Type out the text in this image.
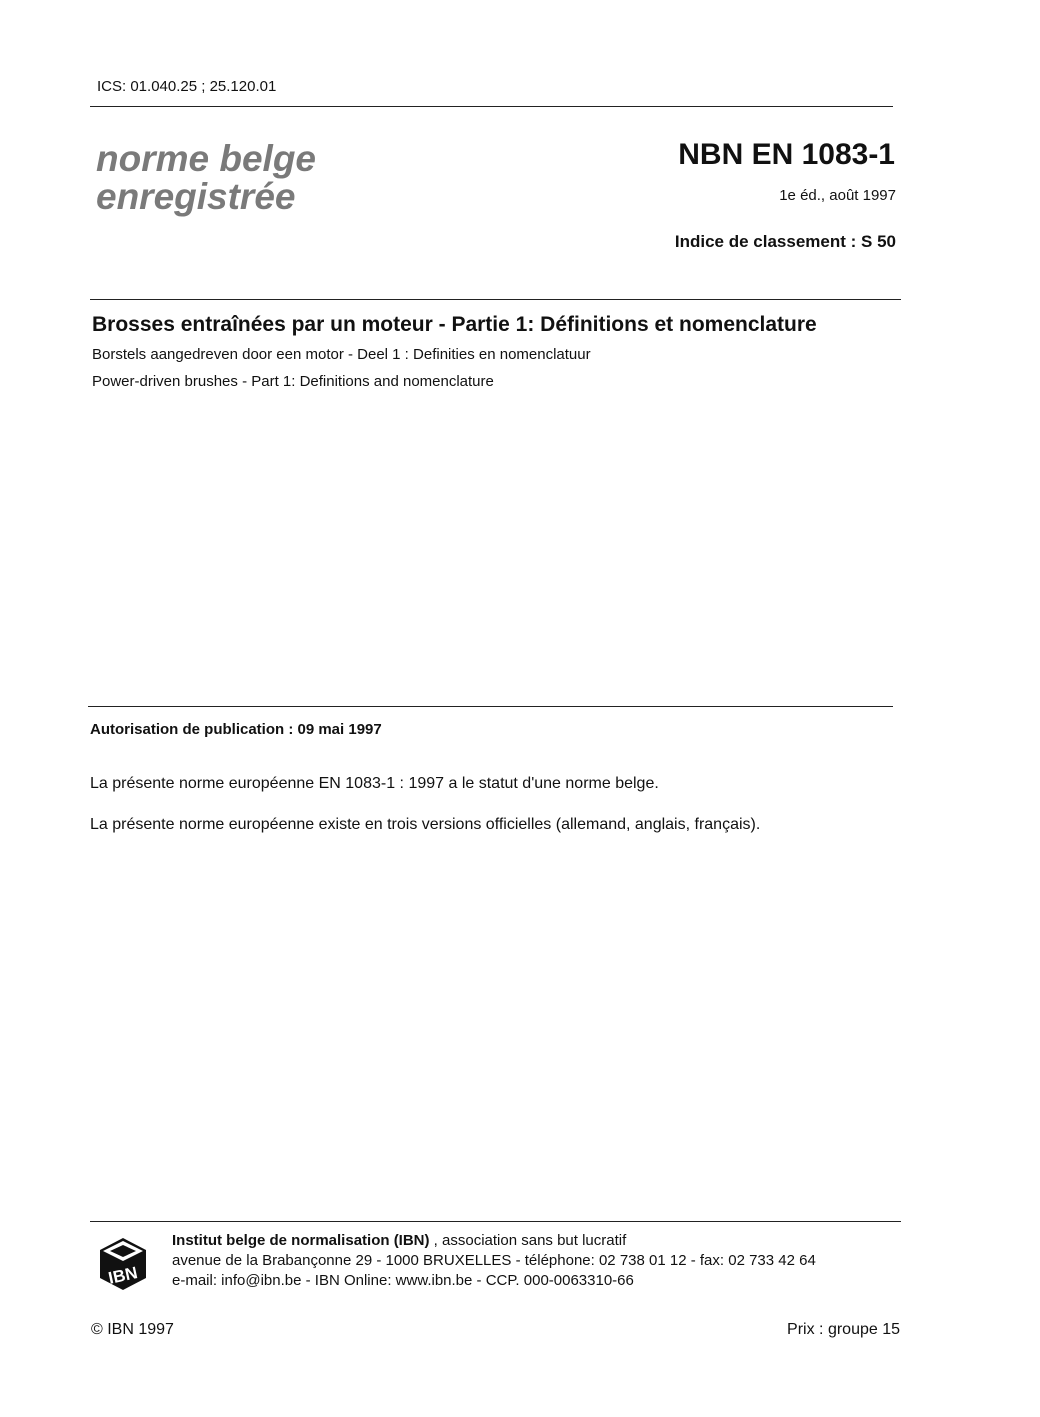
ICS: 01.040.25 ; 25.120.01
norme belge
enregistrée
NBN EN 1083-1
1e éd., août 1997
Indice de classement : S 50
Brosses entraînées par un moteur - Partie 1: Définitions et nomenclature
Borstels aangedreven door een motor - Deel 1 : Definities en nomenclatuur
Power-driven brushes - Part 1: Definitions and nomenclature
Autorisation de publication : 09 mai 1997
La présente norme européenne EN 1083-1 : 1997 a le statut d'une norme belge.
La présente norme européenne existe en trois versions officielles (allemand, anglais, français).
IBN
Institut belge de normalisation (IBN) , association sans but lucratif
avenue de la Brabançonne 29 - 1000 BRUXELLES - téléphone: 02 738 01 12 - fax: 02 733 42 64
e-mail: info@ibn.be - IBN Online: www.ibn.be - CCP. 000-0063310-66
© IBN 1997	Prix : groupe 15
